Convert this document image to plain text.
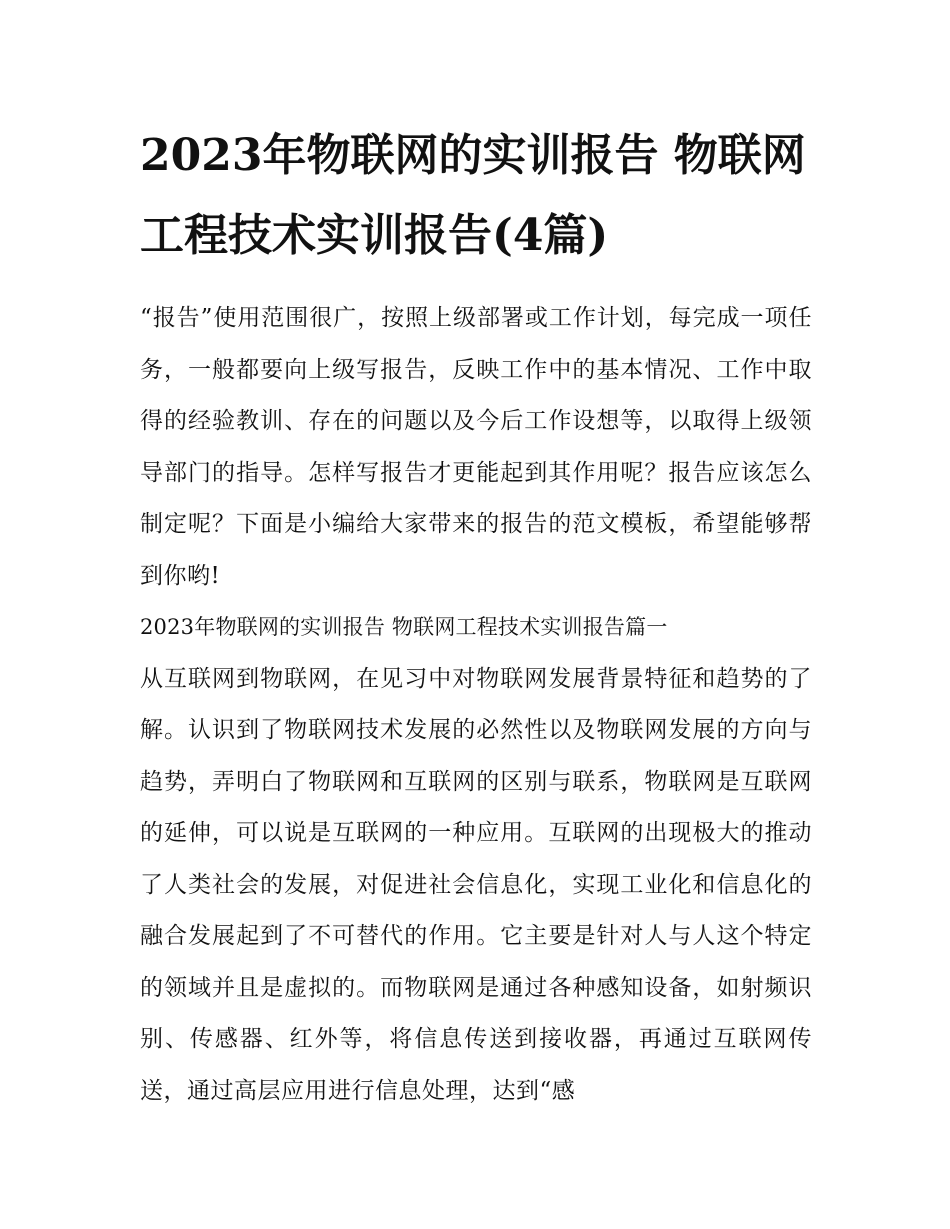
2023年物联网的实训报告 物联网工程技术实训报告(4篇)

“报告”使用范围很广，按照上级部署或工作计划，每完成一项任务，一般都要向上级写报告，反映工作中的基本情况、工作中取得的经验教训、存在的问题以及今后工作设想等，以取得上级领导部门的指导。怎样写报告才更能起到其作用呢？报告应该怎么制定呢？下面是小编给大家带来的报告的范文模板，希望能够帮到你哟!

2023年物联网的实训报告 物联网工程技术实训报告篇一

从互联网到物联网，在见习中对物联网发展背景特征和趋势的了解。认识到了物联网技术发展的必然性以及物联网发展的方向与趋势，弄明白了物联网和互联网的区别与联系，物联网是互联网的延伸，可以说是互联网的一种应用。互联网的出现极大的推动了人类社会的发展，对促进社会信息化，实现工业化和信息化的融合发展起到了不可替代的作用。它主要是针对人与人这个特定的领域并且是虚拟的。而物联网是通过各种感知设备，如射频识别、传感器、红外等，将信息传送到接收器，再通过互联网传送，通过高层应用进行信息处理，达到“感
